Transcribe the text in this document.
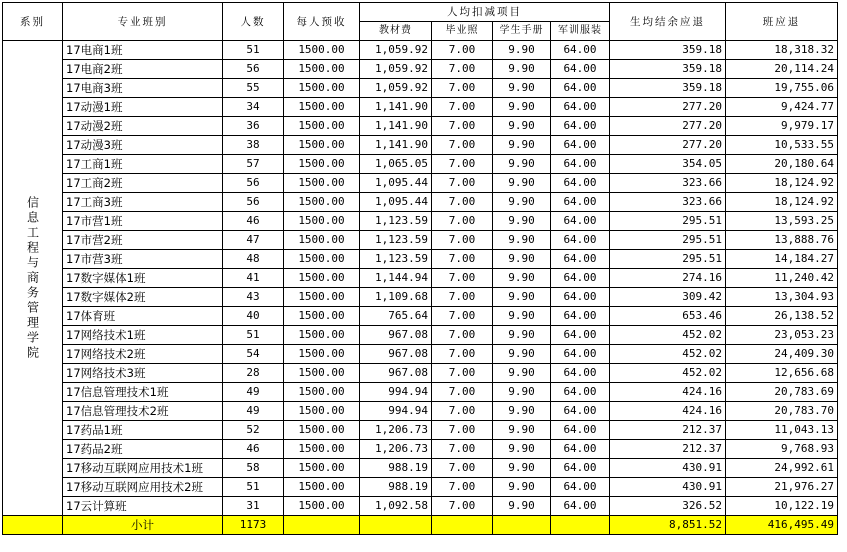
系别	专业班别	人数	每人预收	人均扣减项目				生均结余应退	班应退
				教材费	毕业照	学生手册	军训服装		
信息工程与商务管理学院	17电商1班	51	1500.00	1,059.92	7.00	9.90	64.00	359.18	18,318.32
	17电商2班	56	1500.00	1,059.92	7.00	9.90	64.00	359.18	20,114.24
	17电商3班	55	1500.00	1,059.92	7.00	9.90	64.00	359.18	19,755.06
	17动漫1班	34	1500.00	1,141.90	7.00	9.90	64.00	277.20	9,424.77
	17动漫2班	36	1500.00	1,141.90	7.00	9.90	64.00	277.20	9,979.17
	17动漫3班	38	1500.00	1,141.90	7.00	9.90	64.00	277.20	10,533.55
	17工商1班	57	1500.00	1,065.05	7.00	9.90	64.00	354.05	20,180.64
	17工商2班	56	1500.00	1,095.44	7.00	9.90	64.00	323.66	18,124.92
	17工商3班	56	1500.00	1,095.44	7.00	9.90	64.00	323.66	18,124.92
	17市营1班	46	1500.00	1,123.59	7.00	9.90	64.00	295.51	13,593.25
	17市营2班	47	1500.00	1,123.59	7.00	9.90	64.00	295.51	13,888.76
	17市营3班	48	1500.00	1,123.59	7.00	9.90	64.00	295.51	14,184.27
	17数字媒体1班	41	1500.00	1,144.94	7.00	9.90	64.00	274.16	11,240.42
	17数字媒体2班	43	1500.00	1,109.68	7.00	9.90	64.00	309.42	13,304.93
	17体育班	40	1500.00	765.64	7.00	9.90	64.00	653.46	26,138.52
	17网络技术1班	51	1500.00	967.08	7.00	9.90	64.00	452.02	23,053.23
	17网络技术2班	54	1500.00	967.08	7.00	9.90	64.00	452.02	24,409.30
	17网络技术3班	28	1500.00	967.08	7.00	9.90	64.00	452.02	12,656.68
	17信息管理技术1班	49	1500.00	994.94	7.00	9.90	64.00	424.16	20,783.69
	17信息管理技术2班	49	1500.00	994.94	7.00	9.90	64.00	424.16	20,783.70
	17药品1班	52	1500.00	1,206.73	7.00	9.90	64.00	212.37	11,043.13
	17药品2班	46	1500.00	1,206.73	7.00	9.90	64.00	212.37	9,768.93
	17移动互联网应用技术1班	58	1500.00	988.19	7.00	9.90	64.00	430.91	24,992.61
	17移动互联网应用技术2班	51	1500.00	988.19	7.00	9.90	64.00	430.91	21,976.27
	17云计算班	31	1500.00	1,092.58	7.00	9.90	64.00	326.52	10,122.19
	小计	1173						8,851.52	416,495.49
